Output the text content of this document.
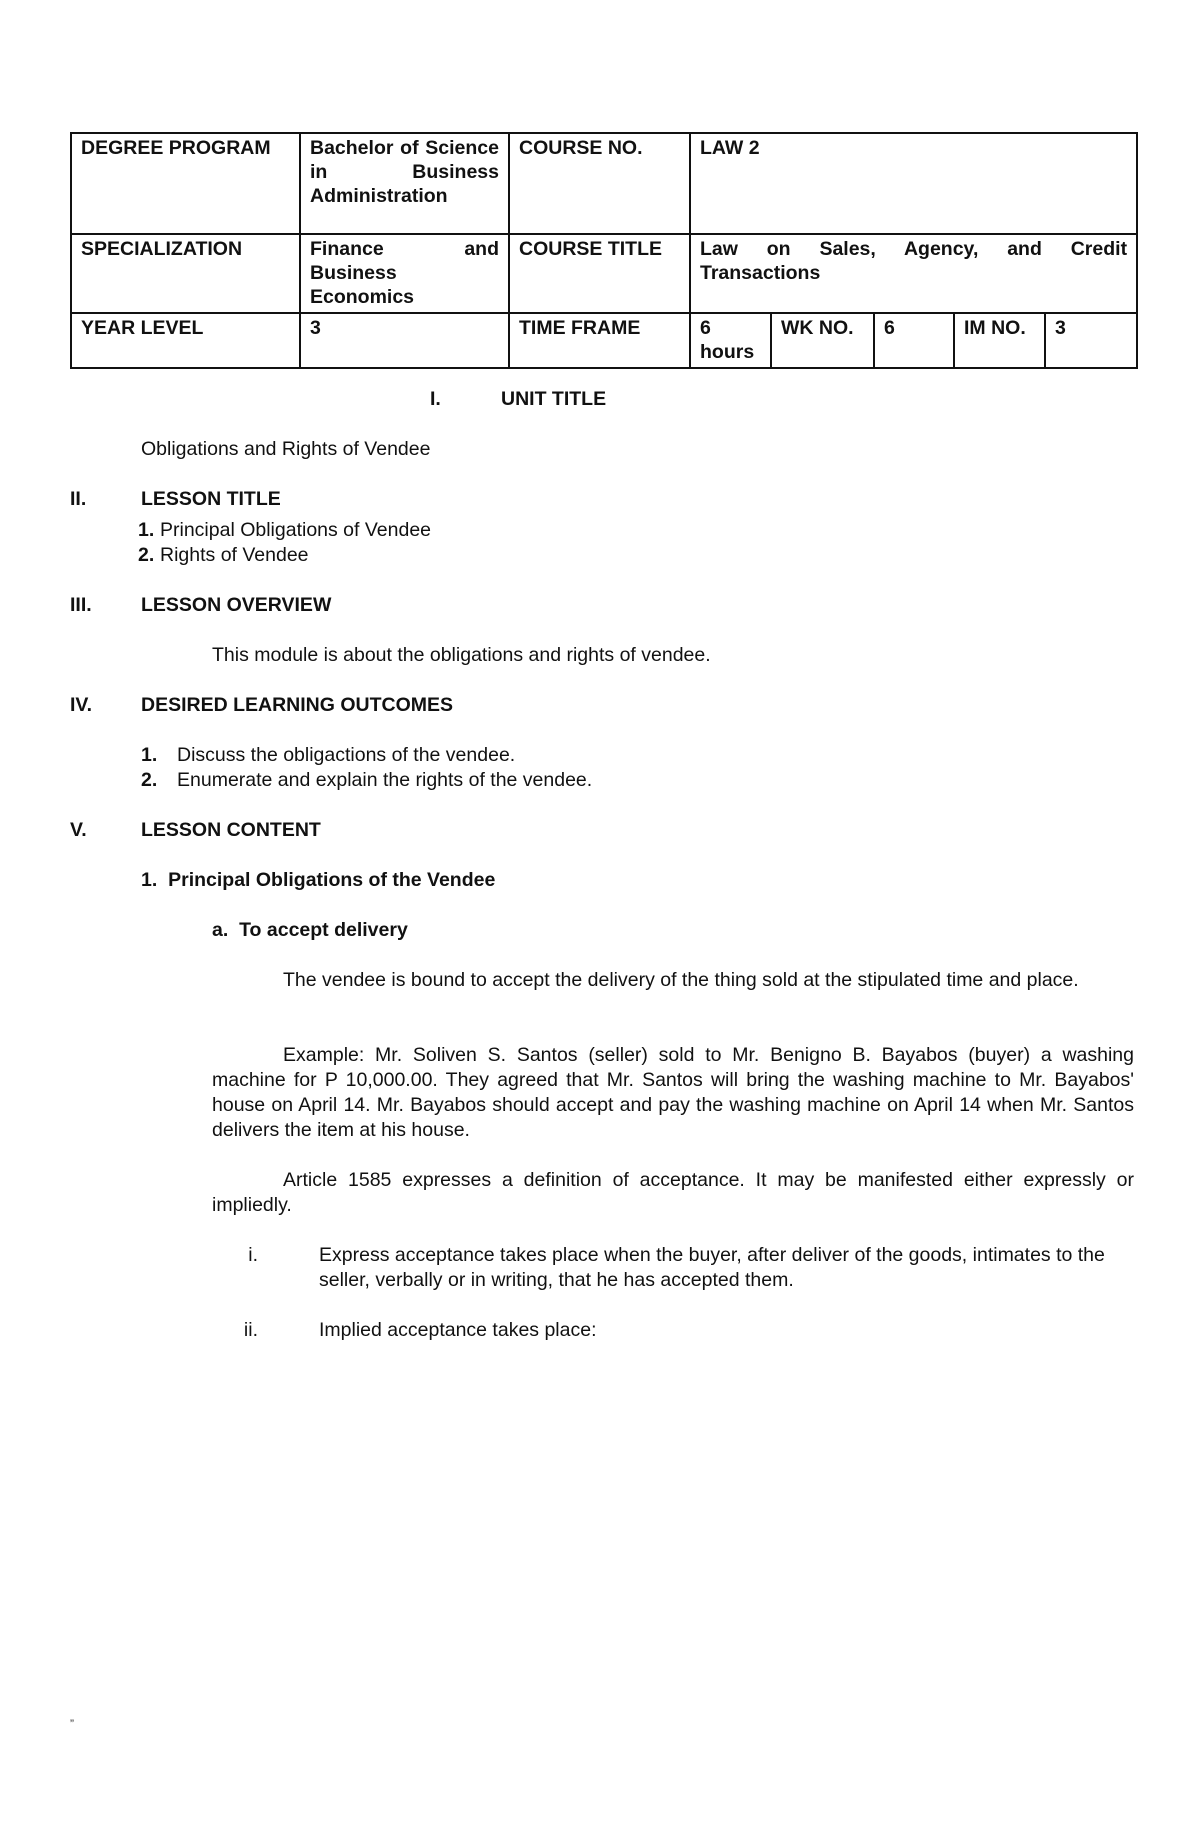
DEGREE PROGRAM	Bachelor of Science in Business Administration	COURSE NO.	LAW 2				
SPECIALIZATION	Finance and Business Economics	COURSE TITLE	Law on Sales, Agency, and Credit Transactions				
YEAR LEVEL	3	TIME FRAME	6 hours	WK NO.	6	IM NO.	3
I.	UNIT TITLE
Obligations and Rights of Vendee
II.	LESSON TITLE
1. Principal Obligations of Vendee
2. Rights of Vendee
III.	LESSON OVERVIEW
This module is about the obligations and rights of vendee.
IV.	DESIRED LEARNING OUTCOMES
1. Discuss the obligactions of the vendee.
2. Enumerate and explain the rights of the vendee.
V.	LESSON CONTENT
1.  Principal Obligations of the Vendee
a.  To accept delivery
The vendee is bound to accept the delivery of the thing sold at the stipulated time and place.
Example: Mr. Soliven S. Santos (seller) sold to Mr. Benigno B. Bayabos (buyer) a washing machine for P 10,000.00. They agreed that Mr. Santos will bring the washing machine to Mr. Bayabos' house on April 14. Mr. Bayabos should accept and pay the washing machine on April 14 when Mr. Santos delivers the item at his house.
Article 1585 expresses a definition of acceptance. It may be manifested either expressly or impliedly.
i.	Express acceptance takes place when the buyer, after deliver of the goods, intimates to the seller, verbally or in writing, that he has accepted them.
ii.	Implied acceptance takes place:
”
